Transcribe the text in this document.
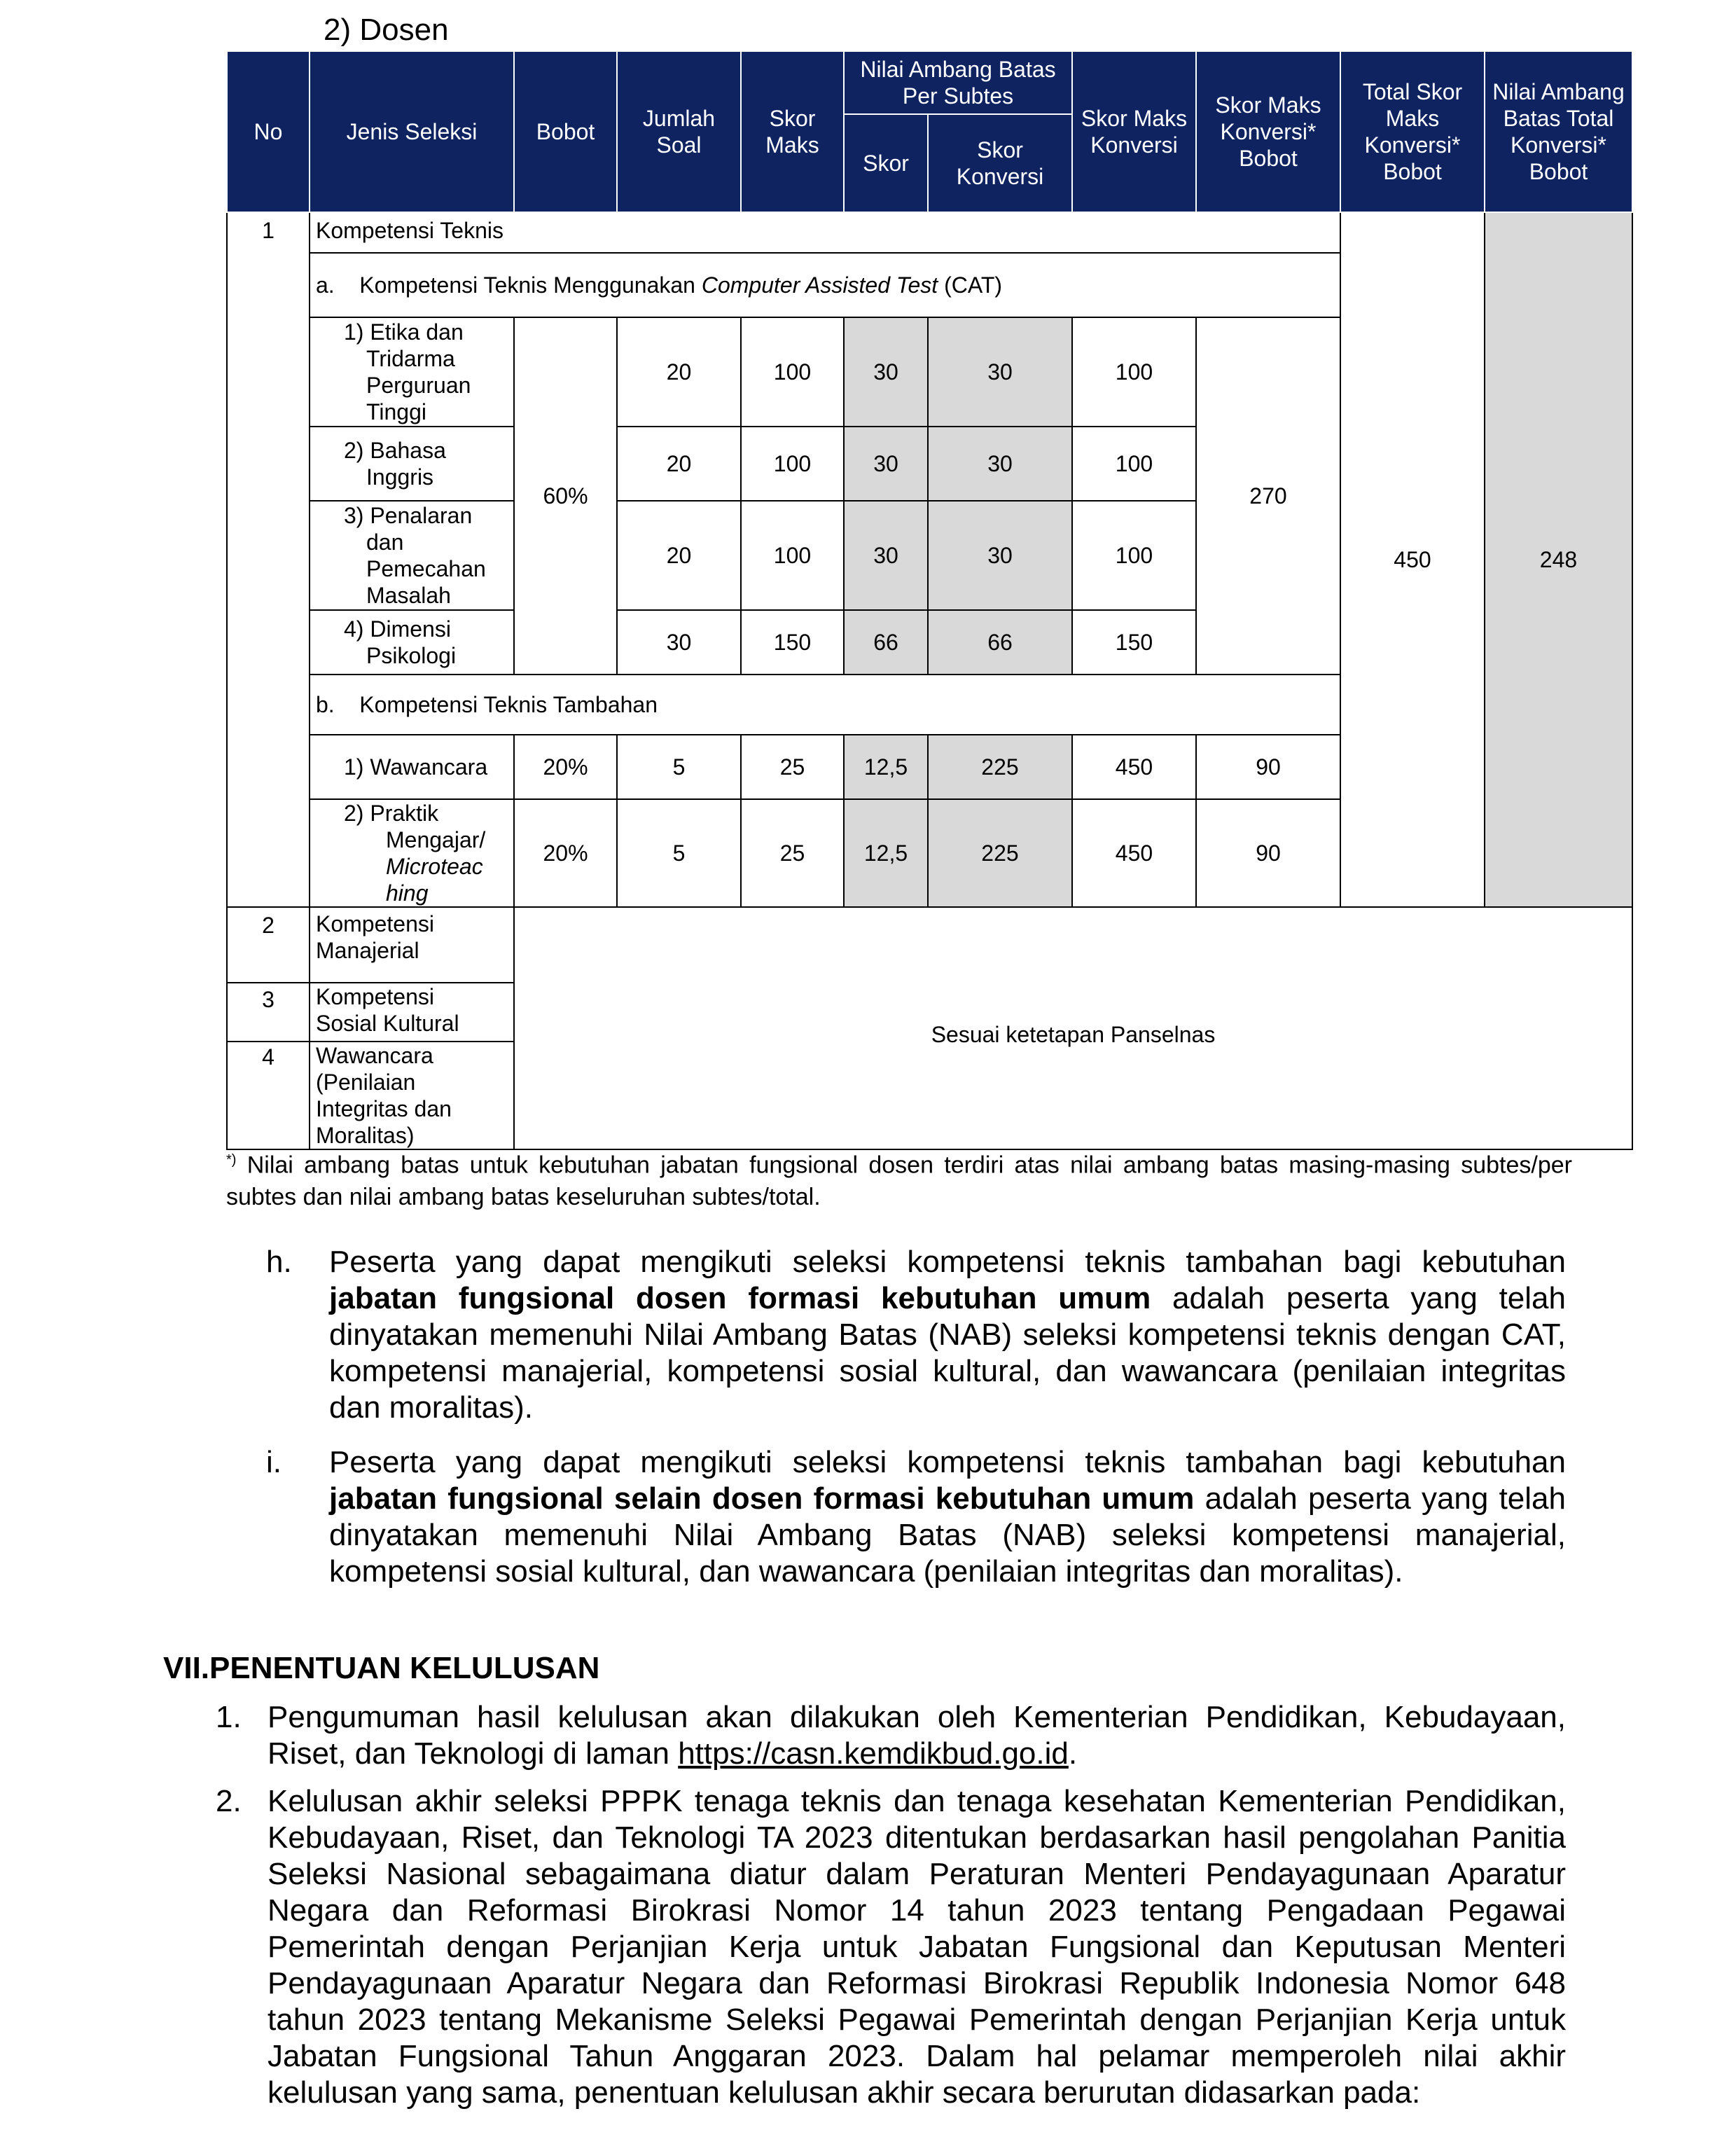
2) Dosen
No	Jenis Seleksi	Bobot	Jumlah Soal	Skor Maks	Nilai Ambang Batas Per Subtes		Skor Maks Konversi	Skor Maks Konversi* Bobot	Total Skor Maks Konversi* Bobot	Nilai Ambang Batas Total Konversi* Bobot
					Skor	Skor Konversi				
1	Kompetensi Teknis								450	248
	a. Kompetensi Teknis Menggunakan Computer Assisted Test (CAT)									
	1) Etika dan
Tridarma
Perguruan
Tinggi	60%	20	100	30	30	100	270		
	2) Bahasa
Inggris		20	100	30	30	100			
	3) Penalaran
dan
Pemecahan
Masalah		20	100	30	30	100			
	4) Dimensi
Psikologi		30	150	66	66	150			
	b. Kompetensi Teknis Tambahan									
	1) Wawancara	20%	5	25	12,5	225	450	90		
	2) Praktik
Mengajar/
Microteac
hing	20%	5	25	12,5	225	450	90		
2	Kompetensi
Manajerial	Sesuai ketetapan Panselnas								
3	Kompetensi
Sosial Kultural									

4	Wawancara
(Penilaian
Integritas dan
Moralitas)									
*) Nilai ambang batas untuk kebutuhan jabatan fungsional dosen terdiri atas nilai ambang batas masing-masing subtes/per subtes dan nilai ambang batas keseluruhan subtes/total.
h. Peserta yang dapat mengikuti seleksi kompetensi teknis tambahan bagi kebutuhan jabatan fungsional dosen formasi kebutuhan umum adalah peserta yang telah dinyatakan memenuhi Nilai Ambang Batas (NAB) seleksi kompetensi teknis dengan CAT, kompetensi manajerial, kompetensi sosial kultural, dan wawancara (penilaian integritas dan moralitas).
i. Peserta yang dapat mengikuti seleksi kompetensi teknis tambahan bagi kebutuhan jabatan fungsional selain dosen formasi kebutuhan umum adalah peserta yang telah dinyatakan memenuhi Nilai Ambang Batas (NAB) seleksi kompetensi manajerial, kompetensi sosial kultural, dan wawancara (penilaian integritas dan moralitas).
VII.PENENTUAN KELULUSAN
1. Pengumuman hasil kelulusan akan dilakukan oleh Kementerian Pendidikan, Kebudayaan, Riset, dan Teknologi di laman https://casn.kemdikbud.go.id.
2. Kelulusan akhir seleksi PPPK tenaga teknis dan tenaga kesehatan Kementerian Pendidikan, Kebudayaan, Riset, dan Teknologi TA 2023 ditentukan berdasarkan hasil pengolahan Panitia Seleksi Nasional sebagaimana diatur dalam Peraturan Menteri Pendayagunaan Aparatur Negara dan Reformasi Birokrasi Nomor 14 tahun 2023 tentang Pengadaan Pegawai Pemerintah dengan Perjanjian Kerja untuk Jabatan Fungsional dan Keputusan Menteri Pendayagunaan Aparatur Negara dan Reformasi Birokrasi Republik Indonesia Nomor 648 tahun 2023 tentang Mekanisme Seleksi Pegawai Pemerintah dengan Perjanjian Kerja untuk Jabatan Fungsional Tahun Anggaran 2023. Dalam hal pelamar memperoleh nilai akhir kelulusan yang sama, penentuan kelulusan akhir secara berurutan didasarkan pada:
